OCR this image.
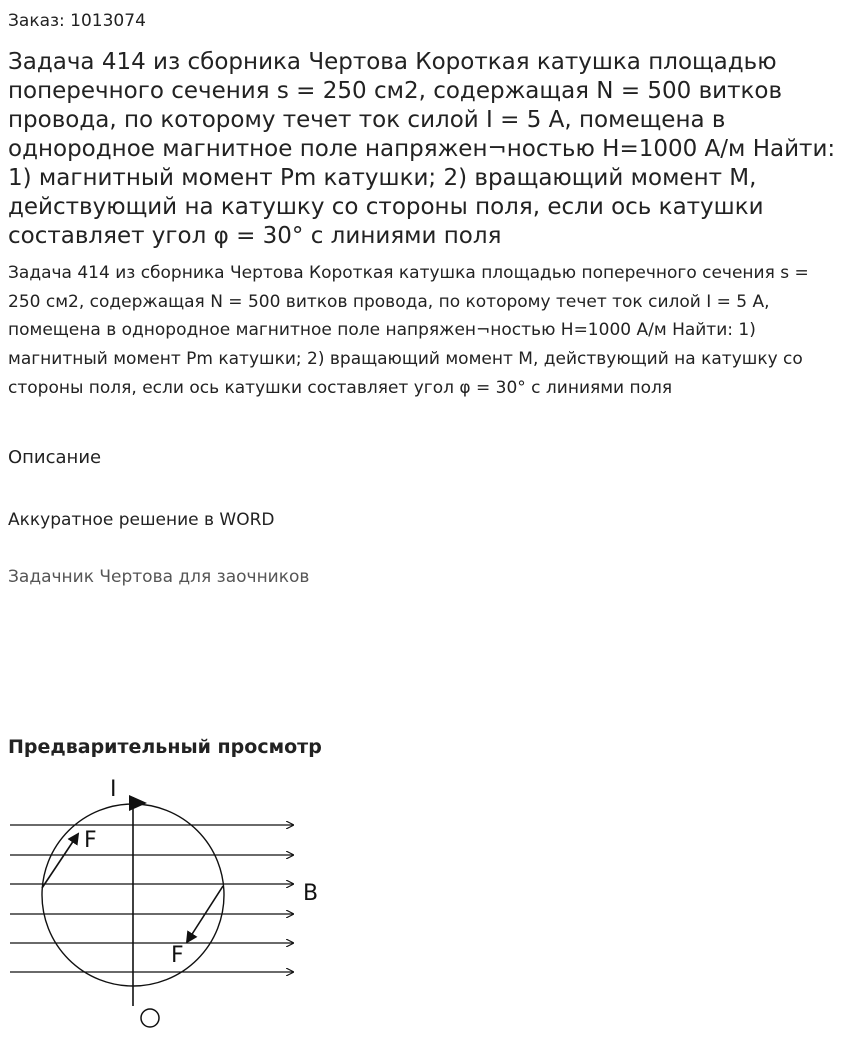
Заказ: 1013074
Задача 414 из сборника Чертова Короткая катушка площадью поперечного сечения s = 250 см2, содержащая N = 500 витков провода, по которому течет ток силой I = 5 А, помещена в однородное магнитное поле напряжен¬ностью H=1000 А/м Найти: 1) магнитный момент Pm катушки; 2) вращающий момент M, действующий на катушку со стороны поля, если ось катушки составляет угол φ = 30° с линиями поля

Задача 414 из сборника Чертова Короткая катушка площадью поперечного сечения s = 250 см2, содержащая N = 500 витков провода, по которому течет ток силой I = 5 А, помещена в однородное магнитное поле напряжен¬ностью H=1000 А/м Найти: 1) магнитный момент Pm катушки; 2) вращающий момент M, действующий на катушку со стороны поля, если ось катушки составляет угол φ = 30° с линиями поля

Описание
Аккуратное решение в WORD
Задачник Чертова для заочников
Предварительный просмотр
I
F
F
B
